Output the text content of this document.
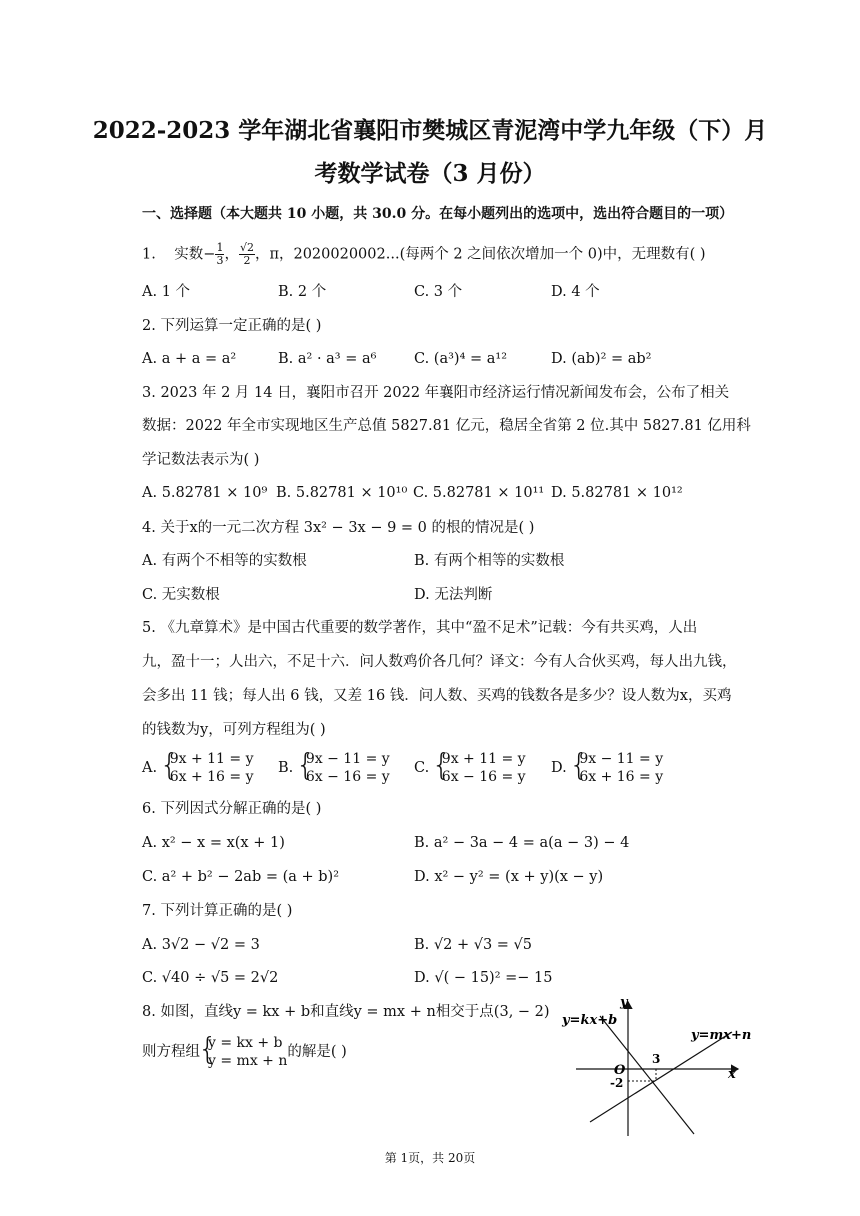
2022-2023 学年湖北省襄阳市樊城区青泥湾中学九年级（下）月
考数学试卷（3 月份）
一、选择题（本大题共 10 小题，共 30.0 分。在每小题列出的选项中，选出符合题目的一项）
1. 实数− $\frac{1}{3}$ ， $\frac{√2}{2}$ ，π，2020020002...(每两个 2 之间依次增加一个 0)中，无理数有( )
A. 1 个	B. 2 个	C. 3 个	D. 4 个
2. 下列运算一定正确的是( )
A. a + a = a²	B. a² · a³ = a⁶	C. (a³)⁴ = a¹²	D. (ab)² = ab²
3. 2023 年 2 月 14 日，襄阳市召开 2022 年襄阳市经济运行情况新闻发布会，公布了相关
数据：2022 年全市实现地区生产总值 5827.81 亿元，稳居全省第 2 位.其中 5827.81 亿用科
学记数法表示为( )
A. 5.82781 × 10⁹ B. 5.82781 × 10¹⁰ C. 5.82781 × 10¹¹ D. 5.82781 × 10¹²
4. 关于x的一元二次方程 3x² − 3x − 9 = 0 的根的情况是( )
A. 有两个不相等的实数根	B. 有两个相等的实数根
C. 无实数根	D. 无法判断
5. 《九章算术》是中国古代重要的数学著作，其中“盈不足术”记载：今有共买鸡，人出
九，盈十一；人出六，不足十六．问人数鸡价各几何？译文：今有人合伙买鸡，每人出九钱，
会多出 11 钱；每人出 6 钱，又差 16 钱．问人数、买鸡的钱数各是多少？设人数为x，买鸡
的钱数为y，可列方程组为( )
A. { 9x + 11 = y
6x + 16 = y
B. { 9x − 11 = y
6x − 16 = y
C. { 9x + 11 = y
6x − 16 = y
D. { 9x − 11 = y
6x + 16 = y
6. 下列因式分解正确的是( )
A. x² − x = x(x + 1)	B. a² − 3a − 4 = a(a − 3) − 4
C. a² + b² − 2ab = (a + b)²	D. x² − y² = (x + y)(x − y)
7. 下列计算正确的是( )
A. 3√2 − √2 = 3	B. √2 + √3 = √5
C. √40 ÷ √5 = 2√2	D. √( − 15)² =− 15
8. 如图，直线y = kx + b和直线y = mx + n相交于点(3, − 2)
则方程组{ y = kx + b
y = mx + n的解是( )
y=kx+b
y=mx+n
x
y
O
3
-2
第 1页，共 20页
